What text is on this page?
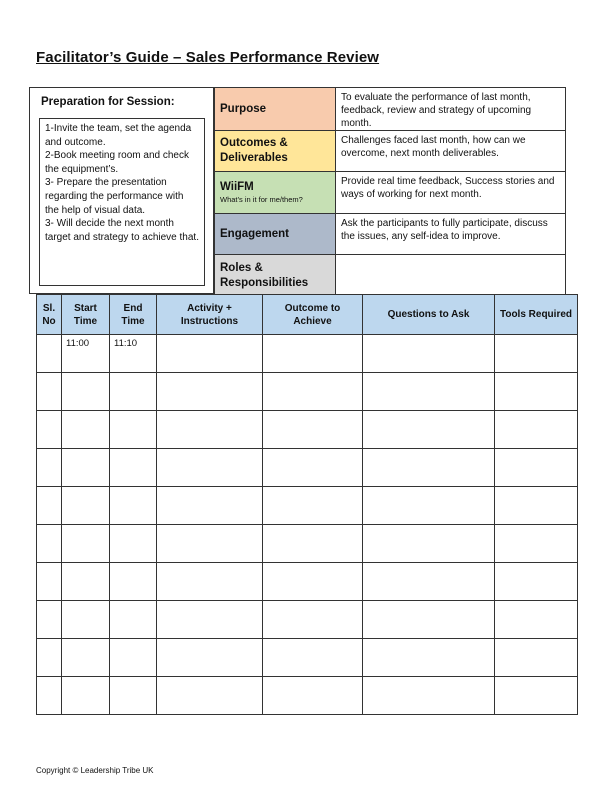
Facilitator’s Guide – Sales Performance Review
Preparation for Session:
1-Invite the team, set the agenda and outcome.
2-Book meeting room and check the equipment’s.
3- Prepare the presentation regarding the performance with the help of visual data.
3- Will decide the next month target and strategy to achieve that.
Purpose	To evaluate the performance of last month, feedback, review and strategy of upcoming month.
Outcomes & Deliverables	Challenges faced last month, how can we overcome, next month deliverables.
WiiFM
What’s in it for me/them?	Provide real time feedback, Success stories and ways of working for next month.
Engagement	Ask the participants to fully participate, discuss the issues, any self-idea to improve.
Roles & Responsibilities	
Sl. No	Start Time	End Time	Activity + Instructions	Outcome to Achieve	Questions to Ask	Tools Required
	11:00	11:10				

Copyright © Leadership Tribe UK
